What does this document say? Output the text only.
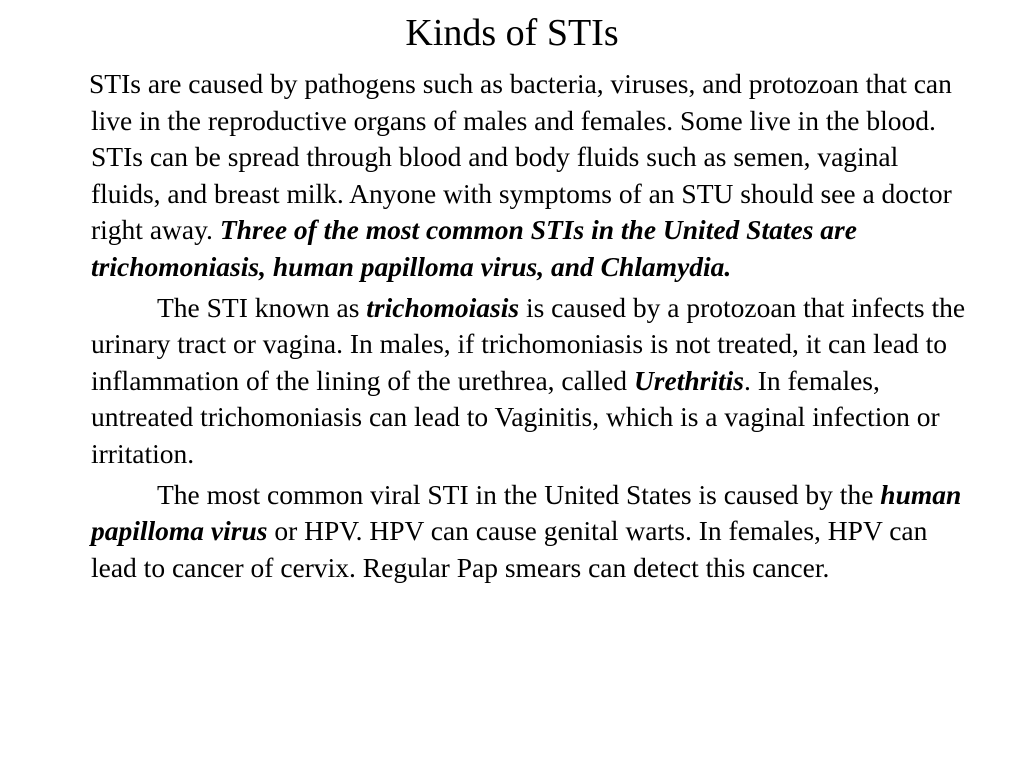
Kinds of STIs

STIs are caused by pathogens such as bacteria, viruses, and protozoan that can live in the reproductive organs of males and females. Some live in the blood. STIs can be spread through blood and body fluids such as semen, vaginal fluids, and breast milk. Anyone with symptoms of an STU should see a doctor right away. Three of the most common STIs in the United States are trichomoniasis, human papilloma virus, and Chlamydia.

The STI known as trichomoiasis is caused by a protozoan that infects the urinary tract or vagina. In males, if trichomoniasis is not treated, it can lead to inflammation of the lining of the urethrea, called Urethritis. In females, untreated trichomoniasis can lead to Vaginitis, which is a vaginal infection or irritation.

The most common viral STI in the United States is caused by the human papilloma virus or HPV. HPV can cause genital warts. In females, HPV can lead to cancer of cervix. Regular Pap smears can detect this cancer.
